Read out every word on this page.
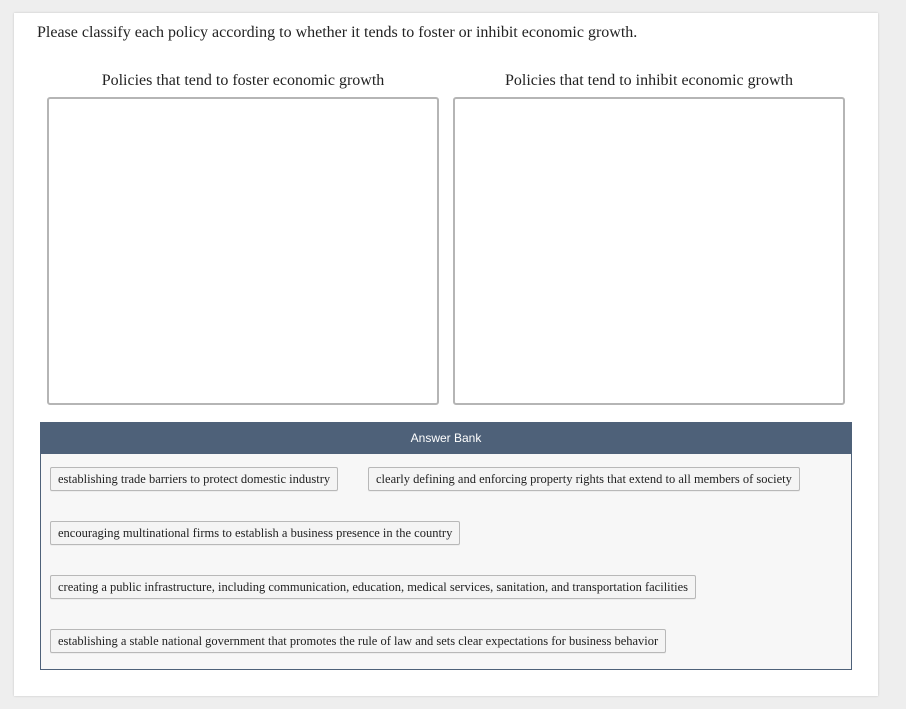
Please classify each policy according to whether it tends to foster or inhibit economic growth.
Policies that tend to foster economic growth	Policies that tend to inhibit economic growth
Answer Bank
establishing trade barriers to protect domestic industry	clearly defining and enforcing property rights that extend to all members of society
encouraging multinational firms to establish a business presence in the country
creating a public infrastructure, including communication, education, medical services, sanitation, and transportation facilities
establishing a stable national government that promotes the rule of law and sets clear expectations for business behavior
